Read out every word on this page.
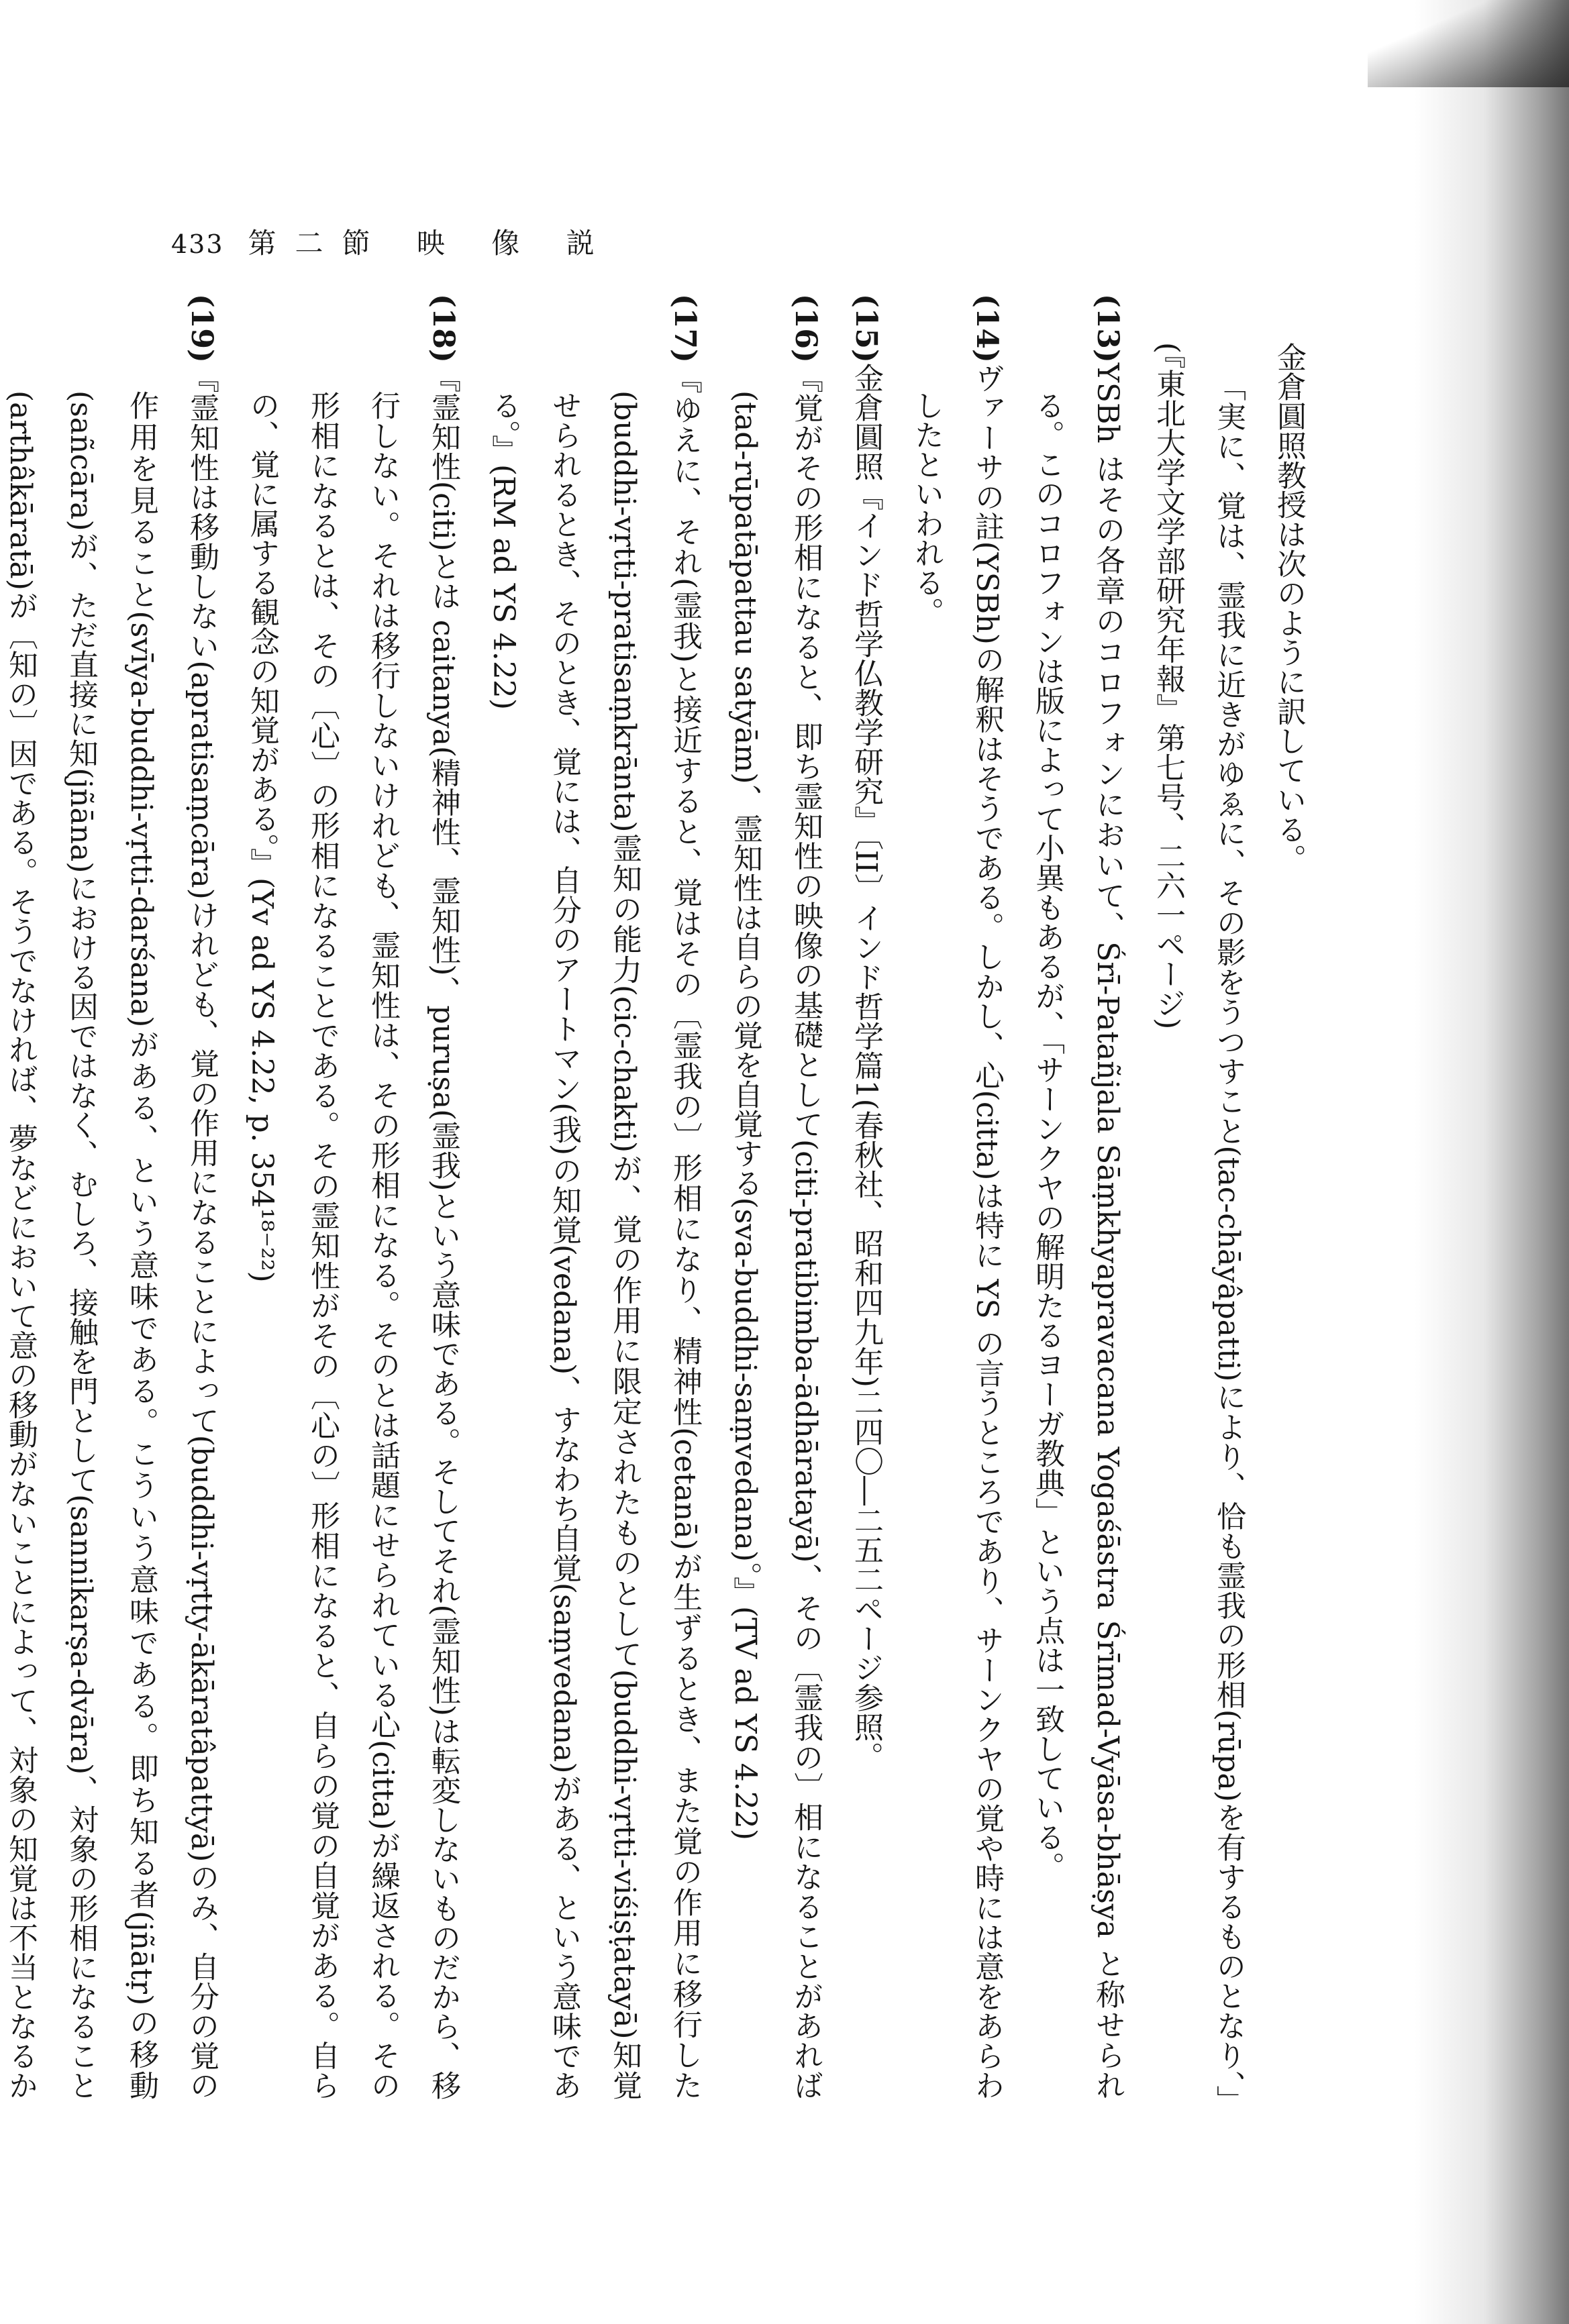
433 第二節 映 像 説

金倉圓照教授は次のように訳している。

「実に、覚は、霊我に近きがゆゑに、その影をうつすこと(tac-chāyâpatti)により、恰も霊我の形相(rūpa)を有するものとなり、」(『東北大学文学部研究年報』第七号、二六一ページ)

(13)YSBh はその各章のコロフォンにおいて、Śrī-Patañjala Sāṃkhyapravacana Yogaśāstra Śrīmad-Vyāsa-bhāṣya と称せられる。このコロフォンは版によって小異もあるが、「サーンクヤの解明たるヨーガ教典」という点は一致している。

(14)ヴァーサの註(YSBh)の解釈はそうである。しかし、心(citta)は特に YS の言うところであり、サーンクヤの覚や時には意をあらわしたといわれる。

(15)金倉圓照『インド哲学仏教学研究』〔II〕インド哲学篇1(春秋社、昭和四九年)二四〇―二五二ページ参照。

(16)『覚がその形相になると、即ち霊知性の映像の基礎として(citi-pratibimba-ādhāratayā)、その〔霊我の〕相になることがあれば(tad-rūpatāpattau satyām)、霊知性は自らの覚を自覚する(sva-buddhi-saṃvedana)。』(TV ad YS 4.22)

(17)『ゆえに、それ(霊我)と接近すると、覚はその〔霊我の〕形相になり、精神性(cetanā)が生ずるとき、また覚の作用に移行した(buddhi-vṛtti-pratisaṃkrānta)霊知の能力(cic-chakti)が、覚の作用に限定されたものとして(buddhi-vṛtti-viśiṣṭatayā)知覚せられるとき、そのとき、覚には、自分のアートマン(我)の知覚(vedana)、すなわち自覚(saṃvedana)がある、という意味である。』(RM ad YS 4.22)

(18)『霊知性(citi)とは caitanya(精神性、霊知性)、puruṣa(霊我)という意味である。そしてそれ(霊知性)は転変しないものだから、移行しない。それは移行しないけれども、霊知性は、その形相になる。そのとは話題にせられている心(citta)が繰返される。その形相になるとは、その〔心〕の形相になることである。その霊知性がその〔心の〕形相になると、自らの覚の自覚がある。自らの、覚に属する観念の知覚がある。』(Yv ad YS 4.22, p. 354¹⁸⁻²²)

(19)『霊知性は移動しない(apratisaṃcāra)けれども、覚の作用になることによって(buddhi-vṛtty-ākāratâpattyā)のみ、自分の覚の作用を見ること(svīya-buddhi-vṛtti-darśana)がある、という意味である。こういう意味である。即ち知る者(jñātṛ)の移動(sañcāra)が、ただ直接に知(jñāna)における因ではなく、むしろ、接触を門として(sannikarṣa-dvāra)、対象の形相になること(arthâkāratā)が〔知の〕因である。そうでなければ、夢などにおいて意の移動がないことによって、対象の知覚は不当となるか
